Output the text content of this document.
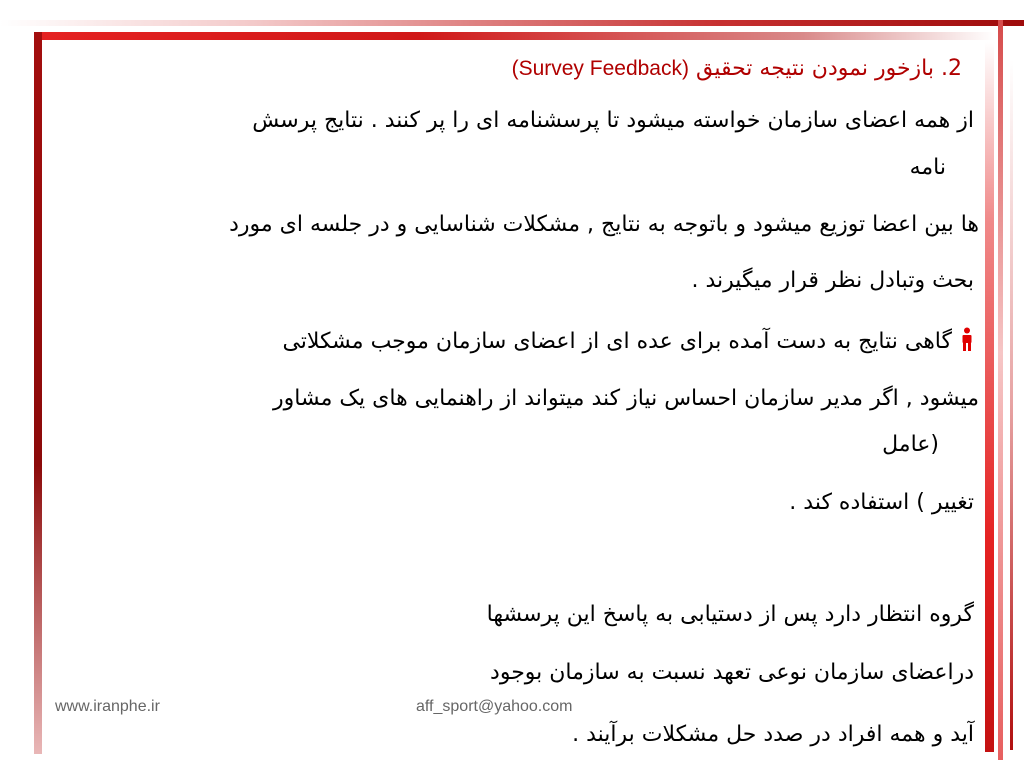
2. بازخور نمودن نتیجه تحقیق (Survey Feedback)
از همه اعضای سازمان خواسته میشود تا پرسشنامه ای را پر کنند . نتایج پرسش
نامه
ها بین اعضا توزیع میشود و باتوجه به نتایج , مشکلات شناسایی و در جلسه ای مورد
بحث وتبادل نظر قرار میگیرند .
گاهی نتایج به دست آمده برای عده ای از اعضای سازمان موجب مشکلاتی
میشود , اگر مدیر سازمان احساس نیاز کند میتواند از راهنمایی های یک مشاور
(عامل
تغییر ) استفاده کند .
گروه انتظار دارد پس از دستیابی به پاسخ این پرسشها
دراعضای سازمان نوعی تعهد نسبت به سازمان بوجود
آید و همه افراد در صدد حل مشکلات برآیند .
www.iranphe.ir	aff_sport@yahoo.com
